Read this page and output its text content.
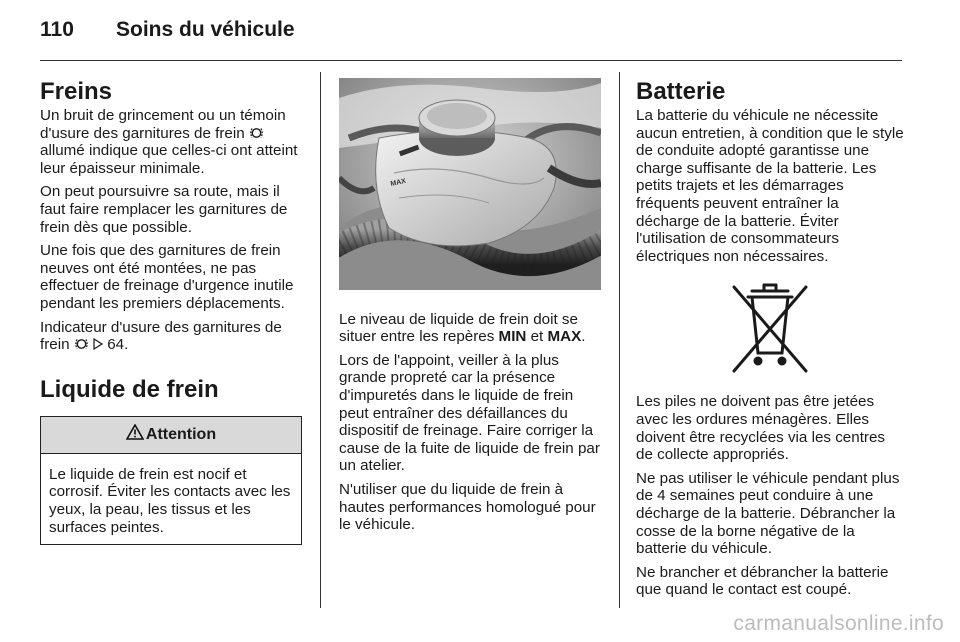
110 Soins du véhicule
Freins

Un bruit de grincement ou un témoin d'usure des garnitures de frein  allumé indique que celles-ci ont atteint leur épaisseur minimale.

On peut poursuivre sa route, mais il faut faire remplacer les garnitures de frein dès que possible.

Une fois que des garnitures de frein neuves ont été montées, ne pas effectuer de freinage d'urgence inutile pendant les premiers déplacements.

Indicateur d'usure des garnitures de frein   64.

Liquide de frein
Attention
Le liquide de frein est nocif et corrosif. Éviter les contacts avec les yeux, la peau, les tissus et les surfaces peintes.
MAX

Le niveau de liquide de frein doit se situer entre les repères MIN et MAX.

Lors de l'appoint, veiller à la plus grande propreté car la présence d'impuretés dans le liquide de frein peut entraîner des défaillances du dispositif de freinage. Faire corriger la cause de la fuite de liquide de frein par un atelier.

N'utiliser que du liquide de frein à hautes performances homologué pour le véhicule.

Batterie

La batterie du véhicule ne nécessite aucun entretien, à condition que le style de conduite adopté garantisse une charge suffisante de la batterie. Les petits trajets et les démarrages fréquents peuvent entraîner la décharge de la batterie. Éviter l'utilisation de consommateurs électriques non nécessaires.

Les piles ne doivent pas être jetées avec les ordures ménagères. Elles doivent être recyclées via les centres de collecte appropriés.

Ne pas utiliser le véhicule pendant plus de 4 semaines peut conduire à une décharge de la batterie. Débrancher la cosse de la borne négative de la batterie du véhicule.

Ne brancher et débrancher la batterie que quand le contact est coupé.

carmanualsonline.info
